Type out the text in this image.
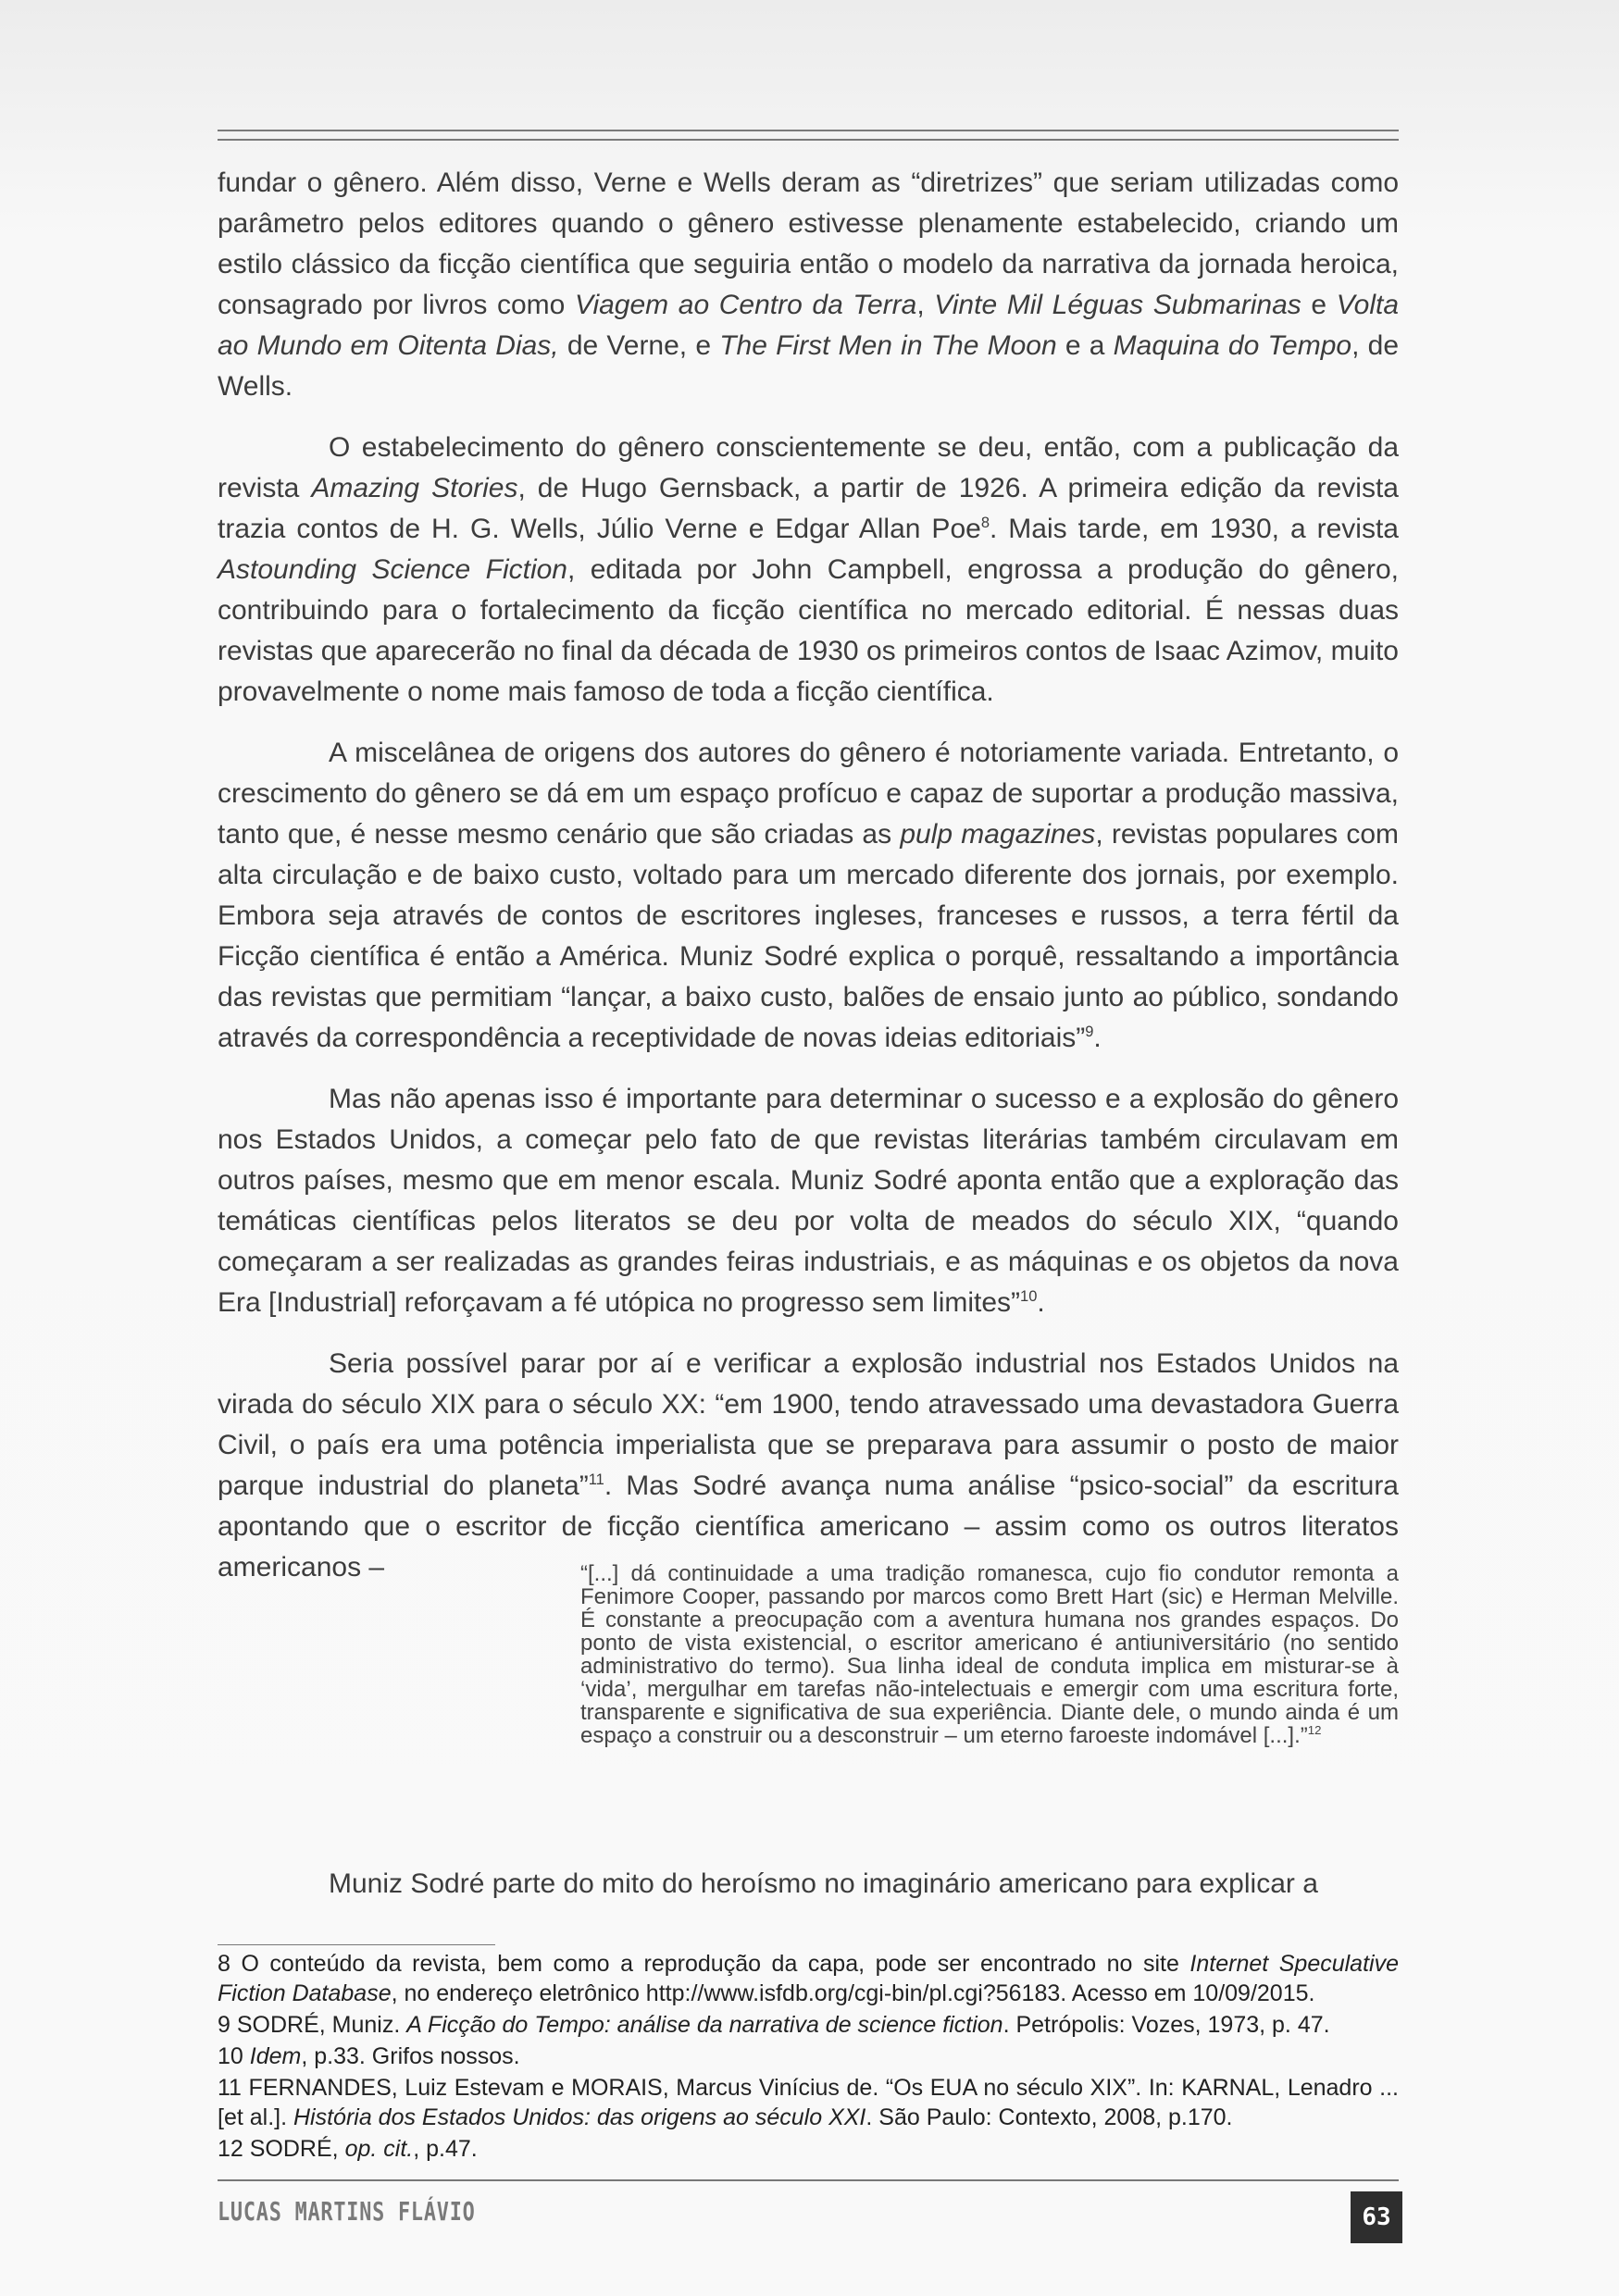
fundar o gênero. Além disso, Verne e Wells deram as “diretrizes” que seriam utilizadas como parâmetro pelos editores quando o gênero estivesse plenamente estabelecido, criando um estilo clássico da ficção científica que seguiria então o modelo da narrativa da jornada heroica, consagrado por livros como Viagem ao Centro da Terra, Vinte Mil Léguas Submarinas e Volta ao Mundo em Oitenta Dias, de Verne, e The First Men in The Moon e a Maquina do Tempo, de Wells.

O estabelecimento do gênero conscientemente se deu, então, com a publicação da revista Amazing Stories, de Hugo Gernsback, a partir de 1926. A primeira edição da revista trazia contos de H. G. Wells, Júlio Verne e Edgar Allan Poe$^8$. Mais tarde, em 1930, a revista Astounding Science Fiction, editada por John Campbell, engrossa a produção do gênero, contribuindo para o fortalecimento da ficção científica no mercado editorial. É nessas duas revistas que aparecerão no final da década de 1930 os primeiros contos de Isaac Azimov, muito provavelmente o nome mais famoso de toda a ficção científica.

A miscelânea de origens dos autores do gênero é notoriamente variada. Entretanto, o crescimento do gênero se dá em um espaço profícuo e capaz de suportar a produção massiva, tanto que, é nesse mesmo cenário que são criadas as pulp magazines, revistas populares com alta circulação e de baixo custo, voltado para um mercado diferente dos jornais, por exemplo. Embora seja através de contos de escritores ingleses, franceses e russos, a terra fértil da Ficção científica é então a América. Muniz Sodré explica o porquê, ressaltando a importância das revistas que permitiam “lançar, a baixo custo, balões de ensaio junto ao público, sondando através da correspondência a receptividade de novas ideias editoriais”$^9$.

Mas não apenas isso é importante para determinar o sucesso e a explosão do gênero nos Estados Unidos, a começar pelo fato de que revistas literárias também circulavam em outros países, mesmo que em menor escala. Muniz Sodré aponta então que a exploração das temáticas científicas pelos literatos se deu por volta de meados do século XIX, “quando começaram a ser realizadas as grandes feiras industriais, e as máquinas e os objetos da nova Era [Industrial] reforçavam a fé utópica no progresso sem limites”$^{10}$.

Seria possível parar por aí e verificar a explosão industrial nos Estados Unidos na virada do século XIX para o século XX: “em 1900, tendo atravessado uma devastadora Guerra Civil, o país era uma potência imperialista que se preparava para assumir o posto de maior parque industrial do planeta”$^{11}$. Mas Sodré avança numa análise “psico-social” da escritura apontando que o escritor de ficção científica americano – assim como os outros literatos americanos –	“[...] dá continuidade a uma tradição romanesca, cujo fio condutor remonta a Fenimore Cooper, passando por marcos como Brett Hart (sic) e Herman Melville. É constante a preocupação com a aventura humana nos grandes espaços. Do ponto de vista existencial, o escritor americano é antiuniversitário (no sentido administrativo do termo). Sua linha ideal de conduta implica em misturar-se à ‘vida’, mergulhar em tarefas não-intelectuais e emergir com uma escritura forte, transparente e significativa de sua experiência. Diante dele, o mundo ainda é um espaço a construir ou a desconstruir – um eterno faroeste indomável [...].”$^{12}$

Muniz Sodré parte do mito do heroísmo no imaginário americano para explicar a

8 O conteúdo da revista, bem como a reprodução da capa, pode ser encontrado no site Internet Speculative Fiction Database, no endereço eletrônico http://www.isfdb.org/cgi-bin/pl.cgi?56183. Acesso em 10/09/2015.

9 SODRÉ, Muniz. A Ficção do Tempo: análise da narrativa de science fiction. Petrópolis: Vozes, 1973, p. 47.

10 Idem, p.33. Grifos nossos.

11 FERNANDES, Luiz Estevam e MORAIS, Marcus Vinícius de. “Os EUA no século XIX”. In: KARNAL, Lenadro ... [et al.]. História dos Estados Unidos: das origens ao século XXI. São Paulo: Contexto, 2008, p.170.

12 SODRÉ, op. cit., p.47.

LUCAS MARTINS FLÁVIO	63
